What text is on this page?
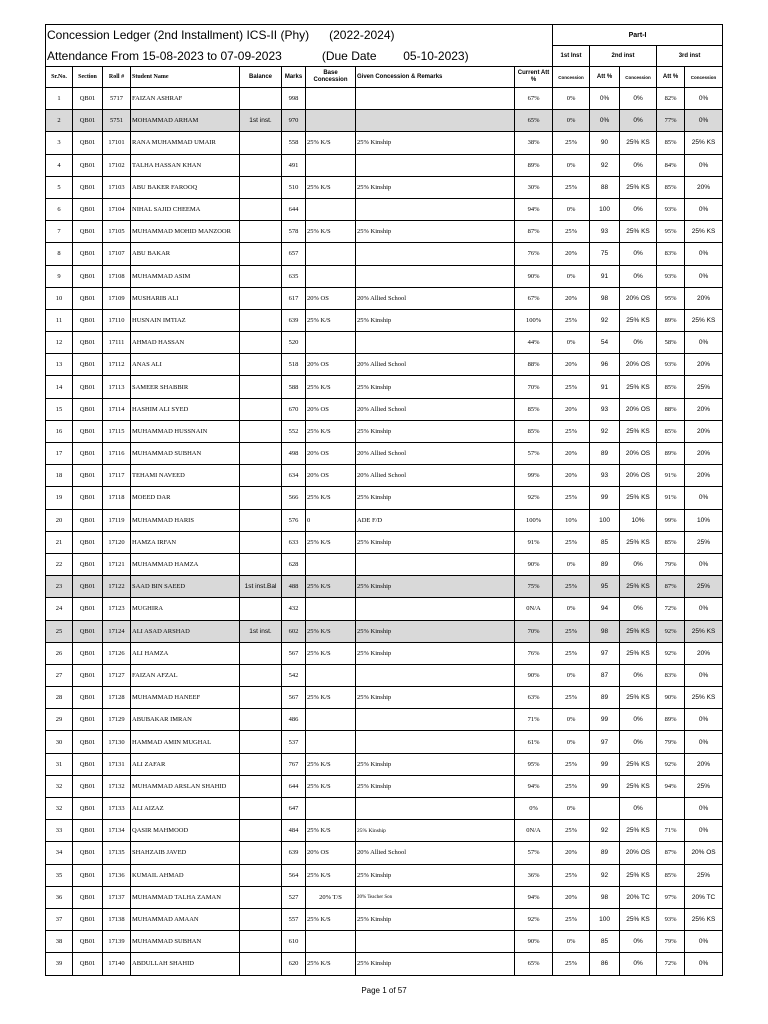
Concession Ledger (2nd Installment) ICS-II (Phy) (2022-2024)									Part-I				
Attendance From 15-08-2023 to 07-09-2023 (Due Date 05-10-2023)									1st Inst	2nd inst		3rd inst	
Sr.No.	Section	Roll #	Student Name	Balance	Marks	Base Concession	Given Concession & Remarks	Current Att %	Concession	Att %	Concession	Att %	Concession
1	QB01	5717	FAIZAN ASHRAF		998			67%	0%	0%	0%	82%	0%
2	QB01	5751	MOHAMMAD ARHAM	1st inst.	970			65%	0%	0%	0%	77%	0%
3	QB01	17101	RANA MUHAMMAD UMAIR		558	25% K/S	25% Kinship	38%	25%	90	25% KS	85%	25% KS
4	QB01	17102	TALHA HASSAN KHAN		491			89%	0%	92	0%	84%	0%
5	QB01	17103	ABU BAKER FAROOQ		510	25% K/S	25% Kinship	30%	25%	88	25% KS	85%	20%
6	QB01	17104	NIHAL SAJID CHEEMA		644			94%	0%	100	0%	93%	0%
7	QB01	17105	MUHAMMAD MOHID MANZOOR		578	25% K/S	25% Kinship	87%	25%	93	25% KS	95%	25% KS
8	QB01	17107	ABU BAKAR		657			76%	20%	75	0%	83%	0%
9	QB01	17108	MUHAMMAD ASIM		635			90%	0%	91	0%	93%	0%
10	QB01	17109	MUSHARIB ALI		617	20% OS	20% Allied School	67%	20%	98	20% OS	95%	20%
11	QB01	17110	HUSNAIN IMTIAZ		639	25% K/S	25% Kinship	100%	25%	92	25% KS	89%	25% KS
12	QB01	17111	AHMAD HASSAN		520			44%	0%	54	0%	58%	0%
13	QB01	17112	ANAS ALI		518	20% OS	20% Allied School	88%	20%	96	20% OS	93%	20%
14	QB01	17113	SAMEER SHABBIR		588	25% K/S	25% Kinship	70%	25%	91	25% KS	85%	25%
15	QB01	17114	HASHIM ALI SYED		670	20% OS	20% Allied School	85%	20%	93	20% OS	88%	20%
16	QB01	17115	MUHAMMAD HUSSNAIN		552	25% K/S	25% Kinship	85%	25%	92	25% KS	85%	20%
17	QB01	17116	MUHAMMAD SUBHAN		498	20% OS	20% Allied School	57%	20%	89	20% OS	89%	20%
18	QB01	17117	TEHAMI NAVEED		634	20% OS	20% Allied School	99%	20%	93	20% OS	91%	20%
19	QB01	17118	MOEED DAR		566	25% K/S	25% Kinship	92%	25%	99	25% KS	91%	0%
20	QB01	17119	MUHAMMAD HARIS		576	0	ADE F/D	100%	10%	100	10%	99%	10%
21	QB01	17120	HAMZA IRFAN		633	25% K/S	25% Kinship	91%	25%	85	25% KS	85%	25%
22	QB01	17121	MUHAMMAD HAMZA		628			90%	0%	89	0%	79%	0%
23	QB01	17122	SAAD BIN SAEED	1st inst.Bal	488	25% K/S	25% Kinship	75%	25%	95	25% KS	87%	25%
24	QB01	17123	MUGHIRA		432			0N/A	0%	94	0%	72%	0%
25	QB01	17124	ALI ASAD ARSHAD	1st inst.	602	25% K/S	25% Kinship	70%	25%	98	25% KS	92%	25% KS
26	QB01	17126	ALI HAMZA		567	25% K/S	25% Kinship	76%	25%	97	25% KS	92%	20%
27	QB01	17127	FAIZAN AFZAL		542			90%	0%	87	0%	83%	0%
28	QB01	17128	MUHAMMAD HANEEF		567	25% K/S	25% Kinship	63%	25%	89	25% KS	90%	25% KS
29	QB01	17129	ABUBAKAR IMRAN		486			71%	0%	99	0%	89%	0%
30	QB01	17130	HAMMAD AMIN MUGHAL		537			61%	0%	97	0%	79%	0%
31	QB01	17131	ALI ZAFAR		767	25% K/S	25% Kinship	95%	25%	99	25% KS	92%	20%
32	QB01	17132	MUHAMMAD ARSLAN SHAHID		644	25% K/S	25% Kinship	94%	25%	99	25% KS	94%	25%
32	QB01	17133	ALI AIZAZ		647			0%	0%		0%		0%
33	QB01	17134	QASIR MAHMOOD		484	25% K/S	25% Kinship	0N/A	25%	92	25% KS	71%	0%
34	QB01	17135	SHAHZAIB JAVED		639	20% OS	20% Allied School	57%	20%	89	20% OS	87%	20% OS
35	QB01	17136	KUMAIL AHMAD		564	25% K/S	25% Kinship	36%	25%	92	25% KS	85%	25%
36	QB01	17137	MUHAMMAD TALHA ZAMAN		527	20% T/S	20% Teacher Son	94%	20%	98	20% TC	97%	20% TC
37	QB01	17138	MUHAMMAD AMAAN		557	25% K/S	25% Kinship	92%	25%	100	25% KS	93%	25% KS
38	QB01	17139	MUHAMMAD SUBHAN		610			90%	0%	85	0%	79%	0%
39	QB01	17140	ABDULLAH SHAHID		620	25% K/S	25% Kinship	65%	25%	86	0%	72%	0%
Page 1 of 57
